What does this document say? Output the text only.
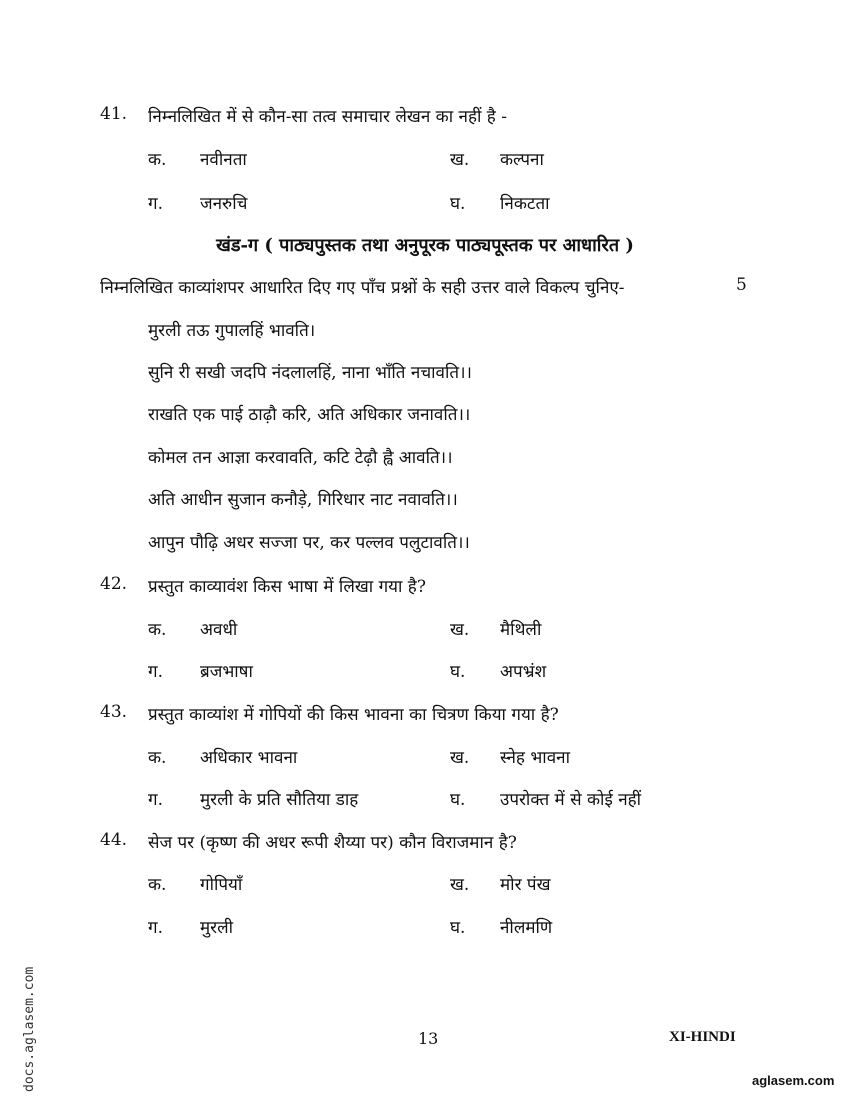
41. निम्नलिखित में से कौन-सा तत्व समाचार लेखन का नहीं है -
क. नवीनता	ख. कल्पना
ग. जनरुचि	घ. निकटता
खंड-ग ( पाठ्यपुस्तक तथा अनुपूरक पाठ्यपूस्तक पर आधारित )
निम्नलिखित काव्यांशपर आधारित दिए गए पाँच प्रश्नों के सही उत्तर वाले विकल्प चुनिए-	5
मुरली तऊ गुपालहिं भावति।
सुनि री सखी जदपि नंदलालहिं, नाना भाँति नचावति।।
राखति एक पाई ठाढ़ौ करि, अति अधिकार जनावति।।
कोमल तन आज्ञा करवावति, कटि टेढ़ौ ह्वै आवति।।
अति आधीन सुजान कनौड़े, गिरिधार नाट नवावति।।
आपुन पौढ़ि अधर सज्जा पर, कर पल्लव पलुटावति।।
42. प्रस्तुत काव्यावंश किस भाषा में लिखा गया है?
क. अवधी	ख. मैथिली
ग. ब्रजभाषा	घ. अपभ्रंश
43. प्रस्तुत काव्यांश में गोपियों की किस भावना का चित्रण किया गया है?
क. अधिकार भावना	ख. स्नेह भावना
ग. मुरली के प्रति सौतिया डाह	घ. उपरोक्त में से कोई नहीं
44. सेज पर (कृष्ण की अधर रूपी शैय्या पर) कौन विराजमान है?
क. गोपियाँ	ख. मोर पंख
ग. मुरली	घ. नीलमणि
13	XI-HINDI
docs.aglasem.com	aglasem.com
